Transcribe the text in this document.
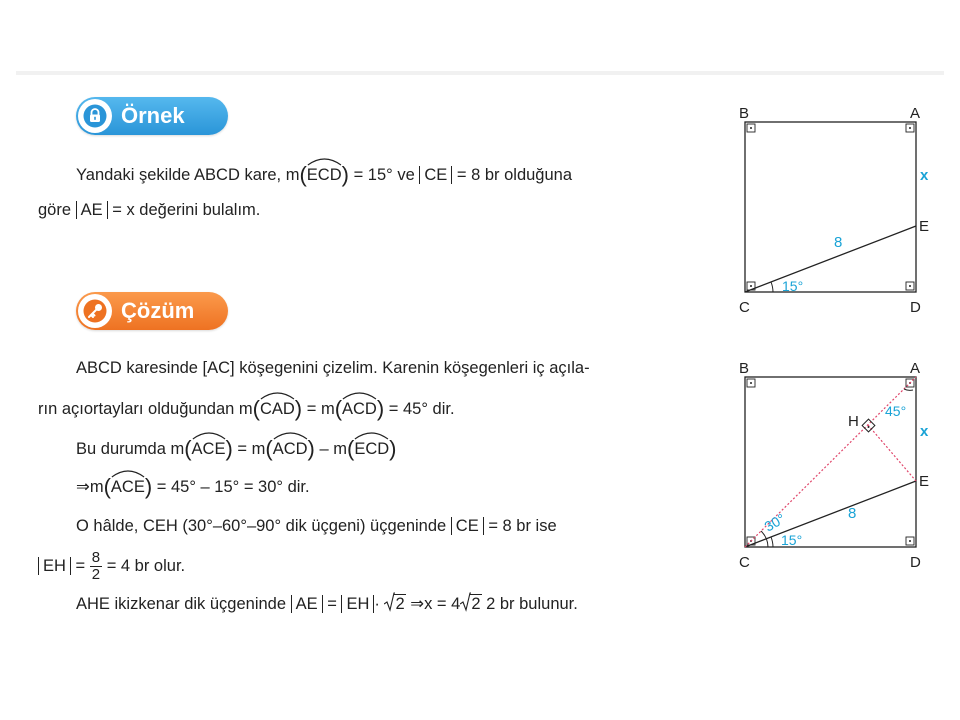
Örnek
Yandaki şekilde ABCD kare, m(
ECD) = 15° ve CE = 8 br olduğuna
göre AE = x değerini bulalım.
Çözüm
ABCD karesinde [AC] köşegenini çizelim. Karenin köşegenleri iç açıla-
rın açıortayları olduğundan m(
CAD) = m(
ACD) = 45° dir.
Bu durumda m(
ACE) = m(
ACD) – m(
ECD)
⇒m(
ACE) = 45° – 15° = 30° dir.
O hâlde, CEH (30°–60°–90° dik üçgeni) üçgeninde CE = 8 br ise
EH = $\frac{8}{2} = 4$ br olur.
AHE ikizkenar dik üçgeninde AE = EH · 2 ⇒x = 4 2 2 br bulunur.
B	A
C	D
E
x
8
15°
B	A
C	D
E
H
x
8
15°
30°
45°
